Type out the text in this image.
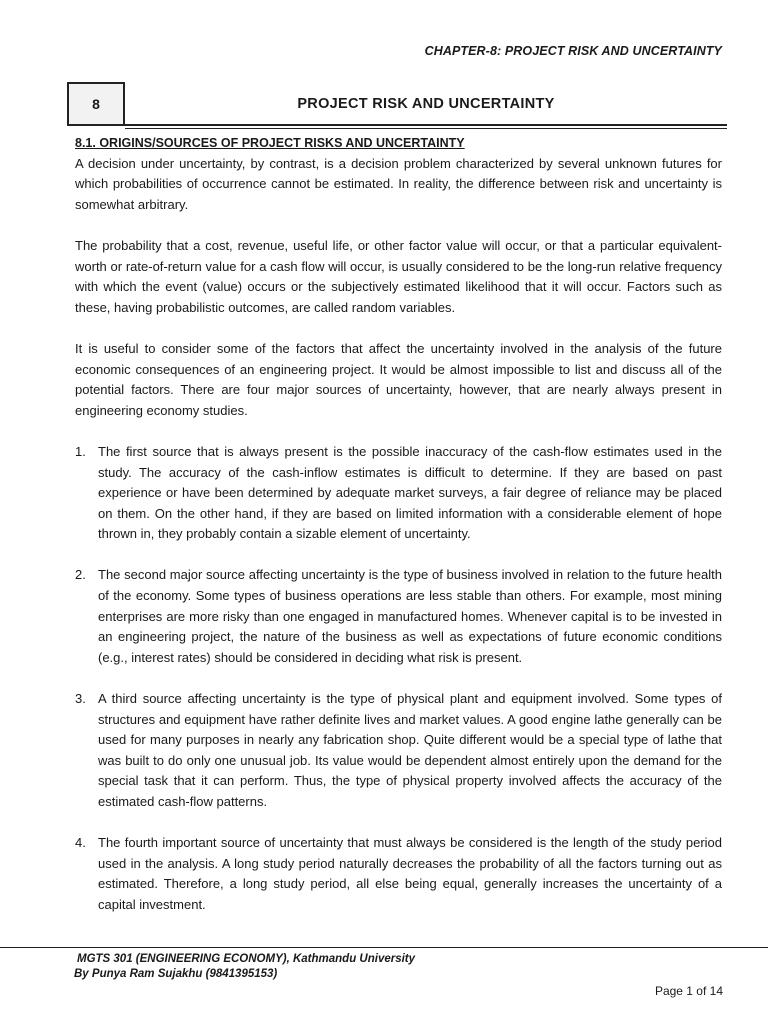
CHAPTER-8: PROJECT RISK AND UNCERTAINTY
8	PROJECT RISK AND UNCERTAINTY
8.1. ORIGINS/SOURCES OF PROJECT RISKS AND UNCERTAINTY

A decision under uncertainty, by contrast, is a decision problem characterized by several unknown futures for which probabilities of occurrence cannot be estimated. In reality, the difference between risk and uncertainty is somewhat arbitrary.

The probability that a cost, revenue, useful life, or other factor value will occur, or that a particular equivalent-worth or rate-of-return value for a cash flow will occur, is usually considered to be the long-run relative frequency with which the event (value) occurs or the subjectively estimated likelihood that it will occur. Factors such as these, having probabilistic outcomes, are called random variables.

It is useful to consider some of the factors that affect the uncertainty involved in the analysis of the future economic consequences of an engineering project. It would be almost impossible to list and discuss all of the potential factors. There are four major sources of uncertainty, however, that are nearly always present in engineering economy studies.

1. The first source that is always present is the possible inaccuracy of the cash-flow estimates used in the study. The accuracy of the cash-inflow estimates is difficult to determine. If they are based on past experience or have been determined by adequate market surveys, a fair degree of reliance may be placed on them. On the other hand, if they are based on limited information with a considerable element of hope thrown in, they probably contain a sizable element of uncertainty.
2. The second major source affecting uncertainty is the type of business involved in relation to the future health of the economy. Some types of business operations are less stable than others. For example, most mining enterprises are more risky than one engaged in manufactured homes. Whenever capital is to be invested in an engineering project, the nature of the business as well as expectations of future economic conditions (e.g., interest rates) should be considered in deciding what risk is present.
3. A third source affecting uncertainty is the type of physical plant and equipment involved. Some types of structures and equipment have rather definite lives and market values. A good engine lathe generally can be used for many purposes in nearly any fabrication shop. Quite different would be a special type of lathe that was built to do only one unusual job. Its value would be dependent almost entirely upon the demand for the special task that it can perform. Thus, the type of physical property involved affects the accuracy of the estimated cash-flow patterns.
4. The fourth important source of uncertainty that must always be considered is the length of the study period used in the analysis. A long study period naturally decreases the probability of all the factors turning out as estimated. Therefore, a long study period, all else being equal, generally increases the uncertainty of a capital investment.
MGTS 301 (ENGINEERING ECONOMY), Kathmandu University
By Punya Ram Sujakhu (9841395153)
Page 1 of 14
